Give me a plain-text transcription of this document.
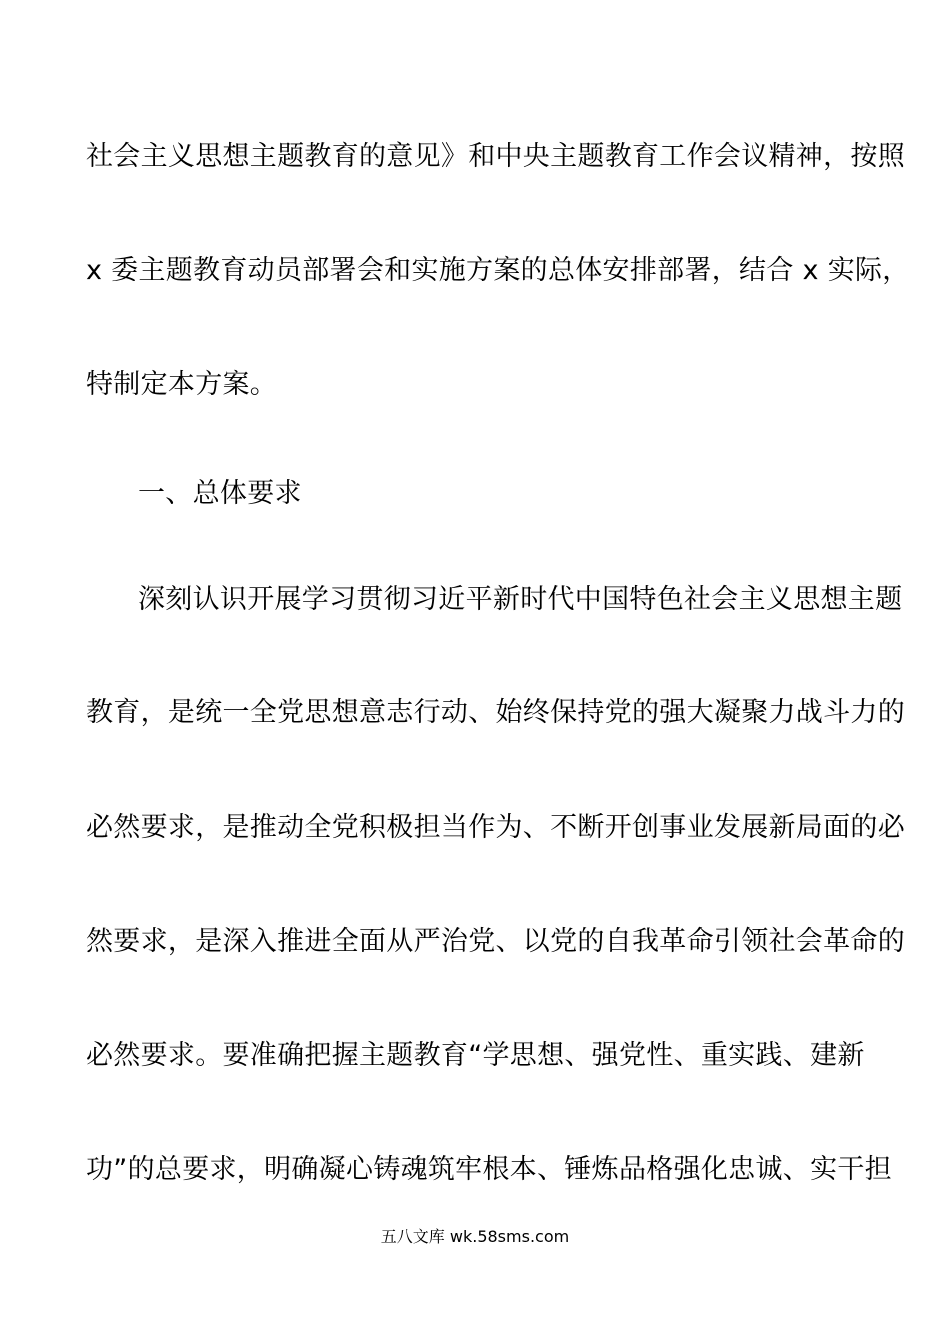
社会主义思想主题教育的意见》和中央主题教育工作会议精神，按照
x 委主题教育动员部署会和实施方案的总体安排部署，结合 x 实际，
特制定本方案。
一、总体要求
深刻认识开展学习贯彻习近平新时代中国特色社会主义思想主题
教育，是统一全党思想意志行动、始终保持党的强大凝聚力战斗力的
必然要求，是推动全党积极担当作为、不断开创事业发展新局面的必
然要求，是深入推进全面从严治党、以党的自我革命引领社会革命的
必然要求。要准确把握主题教育“学思想、强党性、重实践、建新
功”的总要求，明确凝心铸魂筑牢根本、锤炼品格强化忠诚、实干担
五八文库 wk.58sms.com
